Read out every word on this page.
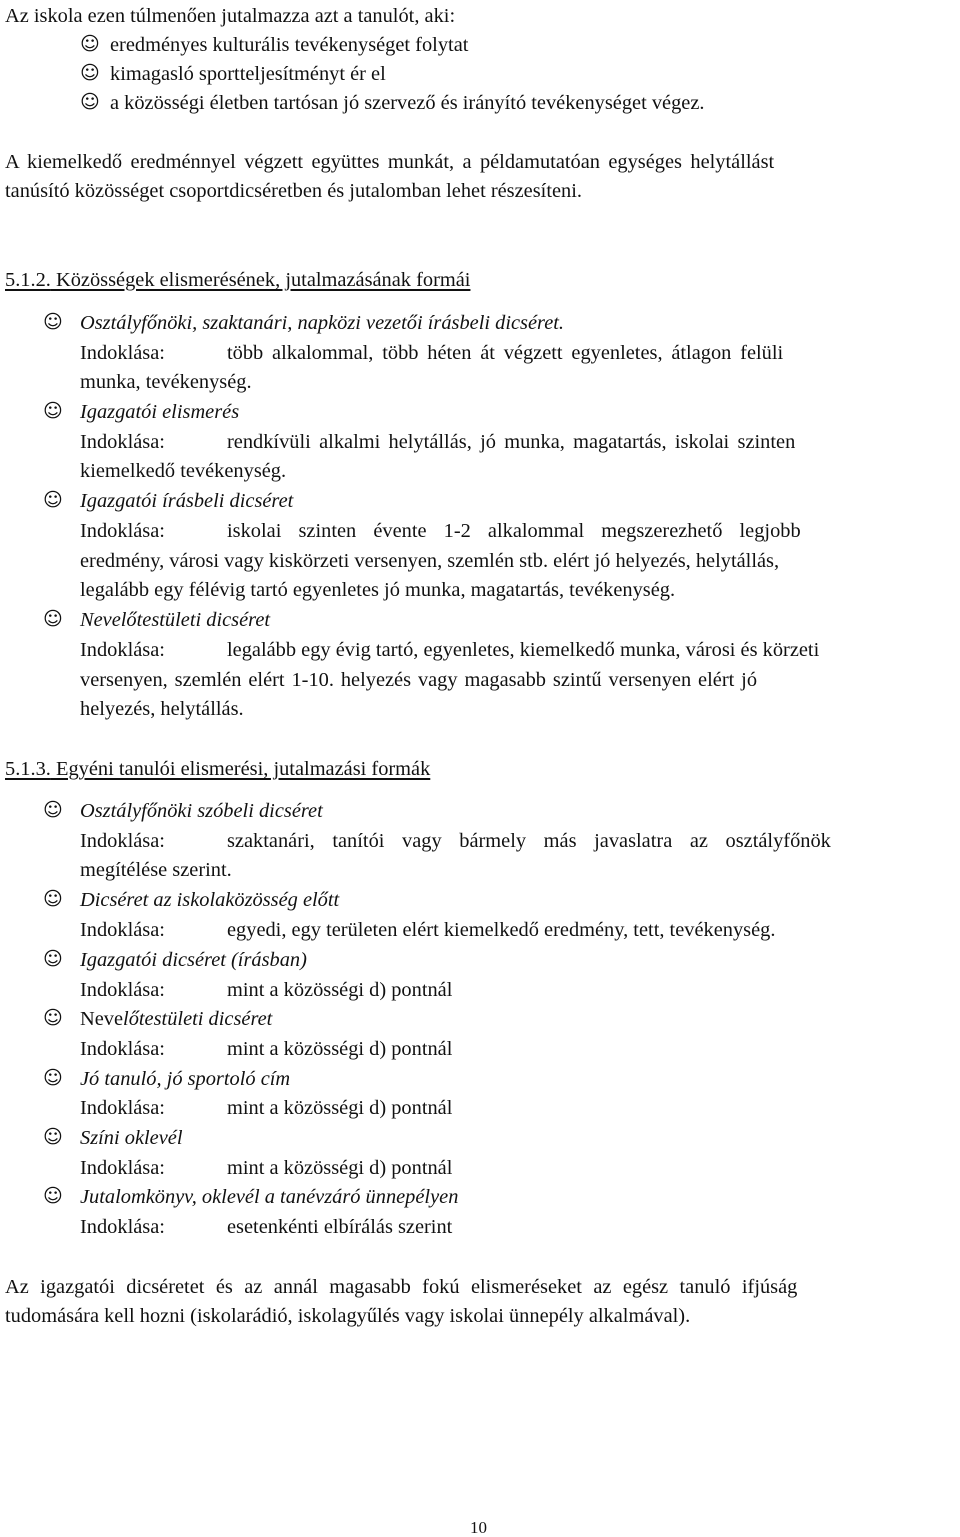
Az iskola ezen túlmenően jutalmazza azt a tanulót, aki:
☺ eredményes kulturális tevékenységet folytat
☺ kimagasló sportteljesítményt ér el
☺ a közösségi életben tartósan jó szervező és irányító tevékenységet végez.
A kiemelkedő eredménnyel végzett együttes munkát, a példamutatóan egységes helytállást
tanúsító közösséget csoportdicséretben és jutalomban lehet részesíteni.
5.1.2. Közösségek elismerésének, jutalmazásának formái
☺ Osztályfőnöki, szaktanári, napközi vezetői írásbeli dicséret.
Indoklása:	több alkalommal, több héten át végzett egyenletes, átlagon felüli
munka, tevékenység.
☺ Igazgatói elismerés
Indoklása:	rendkívüli alkalmi helytállás, jó munka, magatartás, iskolai szinten
kiemelkedő tevékenység.
☺ Igazgatói írásbeli dicséret
Indoklása:	iskolai szinten évente 1-2 alkalommal megszerezhető legjobb
eredmény, városi vagy kiskörzeti versenyen, szemlén stb. elért jó helyezés, helytállás,
legalább egy félévig tartó egyenletes jó munka, magatartás, tevékenység.
☺ Nevelőtestületi dicséret
Indoklása:	legalább egy évig tartó, egyenletes, kiemelkedő munka, városi és körzeti
versenyen, szemlén elért 1-10. helyezés vagy magasabb szintű versenyen elért jó
helyezés, helytállás.
5.1.3. Egyéni tanulói elismerési, jutalmazási formák
☺ Osztályfőnöki szóbeli dicséret
Indoklása:	szaktanári, tanítói vagy bármely más javaslatra az osztályfőnök
megítélése szerint.
☺ Dicséret az iskolaközösség előtt
Indoklása:	egyedi, egy területen elért kiemelkedő eredmény, tett, tevékenység.
☺ Igazgatói dicséret (írásban)
Indoklása:	mint a közösségi d) pontnál
☺ Nevelőtestületi dicséret
Indoklása:	mint a közösségi d) pontnál
☺ Jó tanuló, jó sportoló cím
Indoklása:	mint a közösségi d) pontnál
☺ Színi oklevél
Indoklása:	mint a közösségi d) pontnál
☺ Jutalomkönyv, oklevél a tanévzáró ünnepélyen
Indoklása:	esetenkénti elbírálás szerint
Az igazgatói dicséretet és az annál magasabb fokú elismeréseket az egész tanuló ifjúság
tudomására kell hozni (iskolarádió, iskolagyűlés vagy iskolai ünnepély alkalmával).
10
